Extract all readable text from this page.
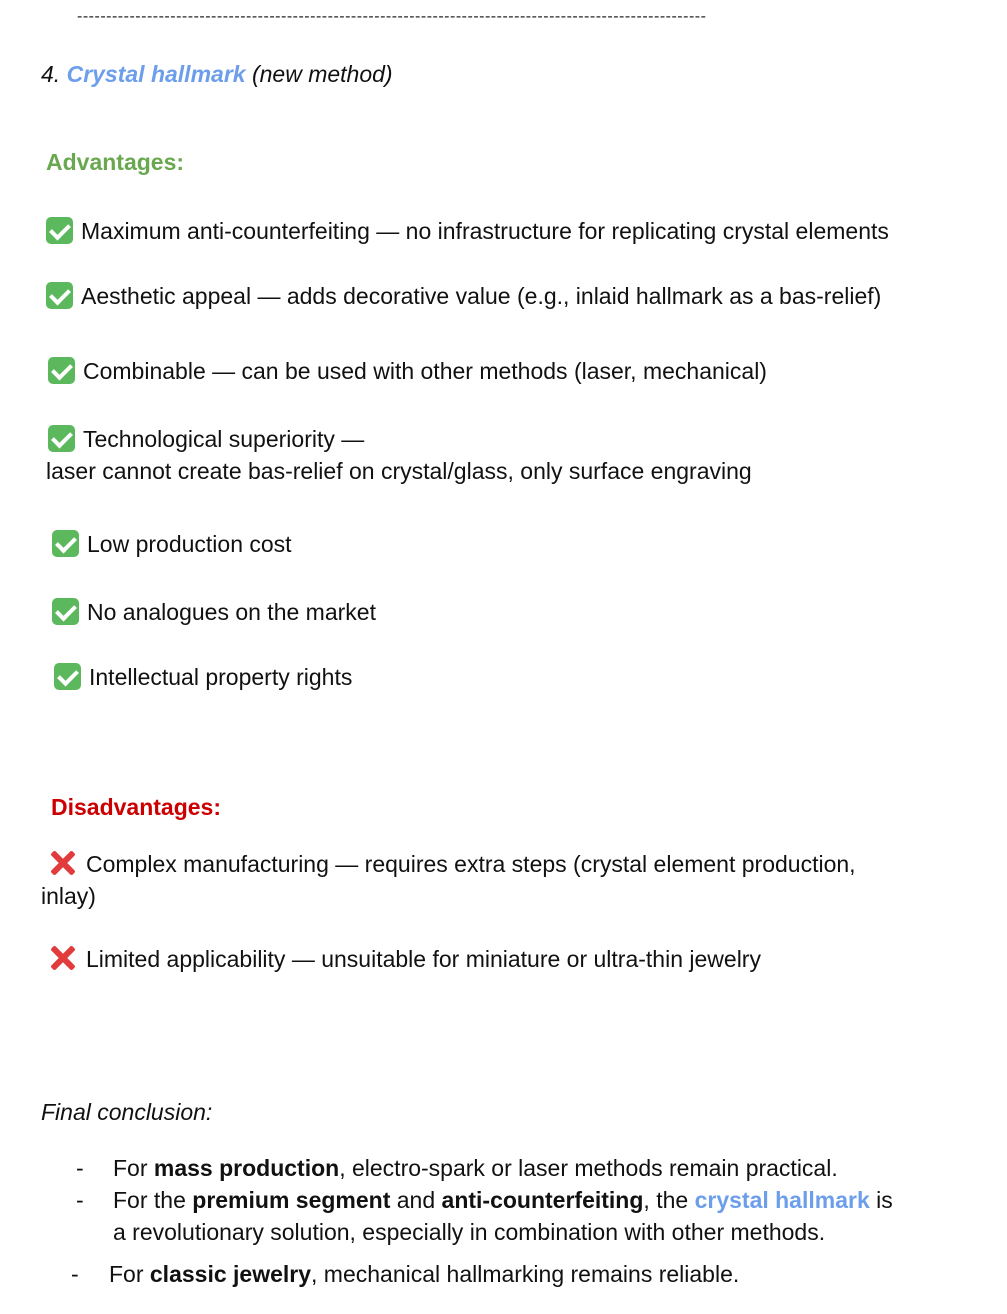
------------------------------------------------------------------------------------------------------------
4. Crystal hallmark (new method)
Advantages:
Maximum anti-counterfeiting — no infrastructure for replicating crystal elements
Aesthetic appeal — adds decorative value (e.g., inlaid hallmark as a bas-relief)
Combinable — can be used with other methods (laser, mechanical)
Technological superiority —
laser cannot create bas-relief on crystal/glass, only surface engraving
Low production cost
No analogues on the market
Intellectual property rights
Disadvantages:
Complex manufacturing — requires extra steps (crystal element production,
inlay)
Limited applicability — unsuitable for miniature or ultra-thin jewelry
Final conclusion:
- For mass production, electro-spark or laser methods remain practical.
- For the premium segment and anti-counterfeiting, the crystal hallmark is
a revolutionary solution, especially in combination with other methods.
- For classic jewelry, mechanical hallmarking remains reliable.
